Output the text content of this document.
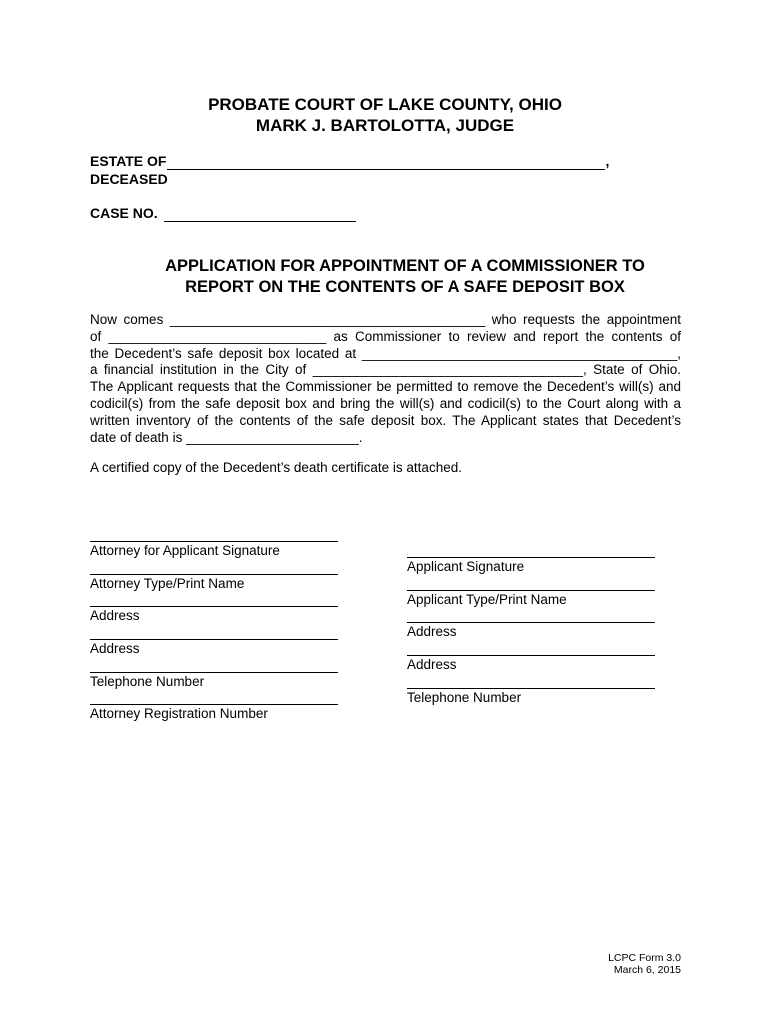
PROBATE COURT OF LAKE COUNTY, OHIO
MARK J. BARTOLOTTA, JUDGE
ESTATE OF	,
DECEASED
CASE NO.
APPLICATION FOR APPOINTMENT OF A COMMISSIONER TO
REPORT ON THE CONTENTS OF A SAFE DEPOSIT BOX
Now comes __________________________________________ who requests the appointment
of _____________________________ as Commissioner to review and report the contents of
the Decedent’s safe deposit box located at __________________________________________,
a financial institution in the City of ____________________________________, State of Ohio.
The Applicant requests that the Commissioner be permitted to remove the Decedent’s will(s) and
codicil(s) from the safe deposit box and bring the will(s) and codicil(s) to the Court along with a
written inventory of the contents of the safe deposit box. The Applicant states that Decedent’s
date of death is _______________________.
A certified copy of the Decedent’s death certificate is attached.
Attorney for Applicant Signature
Attorney Type/Print Name
Address
Address
Telephone Number
Attorney Registration Number
Applicant Signature
Applicant Type/Print Name
Address
Address
Telephone Number
LCPC Form 3.0
March 6, 2015
